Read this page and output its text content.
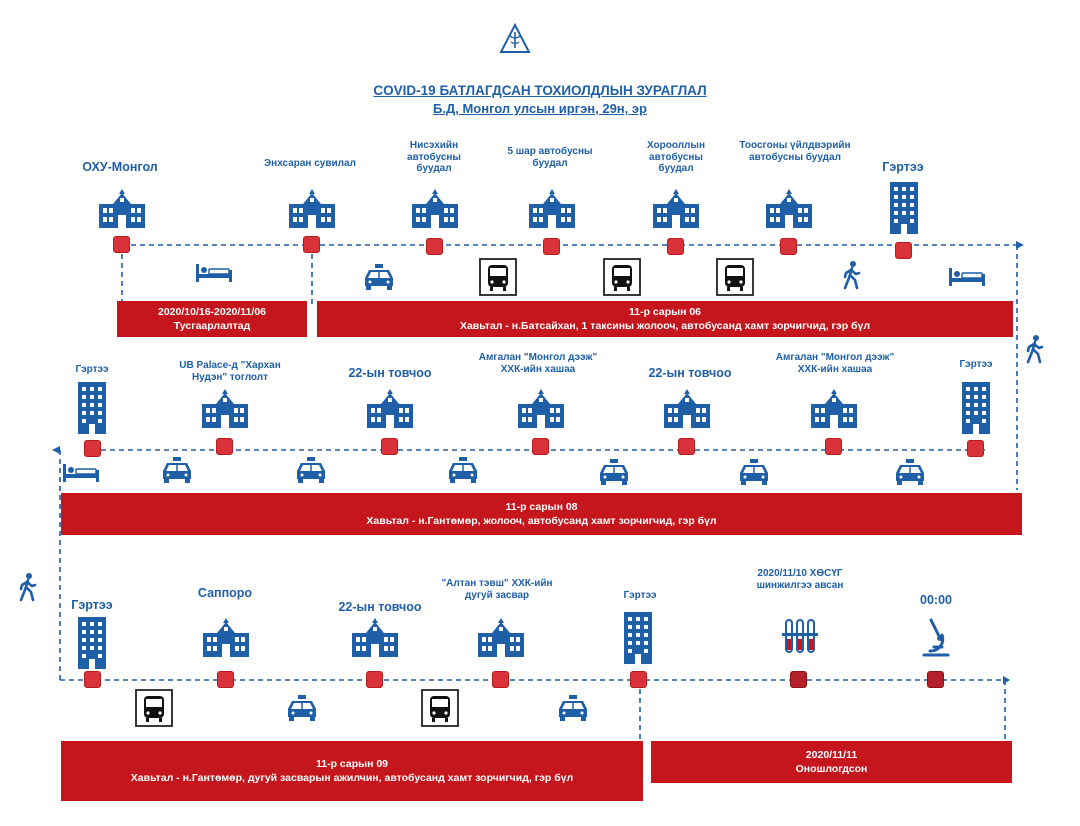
COVID-19 БАТЛАГДСАН ТОХИОЛДЛЫН ЗУРАГЛАЛ
Б.Д, Монгол улсын иргэн, 29н, эр
ОХУ-Монгол	Энхсаран сувилал
Нисэхийн автобусны буудал
5 шар автобусны буудал
Хорооллын автобусны буудал
Тоосгоны үйлдвэрийн автобусны буудал
Гэртээ
2020/10/16-2020/11/06
Тусгаарлалтад
11-р сарын 06
Хавьтал - н.Батсайхан, 1 таксины жолооч, автобусанд хамт зорчигчид, гэр бүл
Гэртээ	UB Palace-д "Хархан Нудэн" тоглолт	22-ын товчоо
Амгалан "Монгол дээж" ХХК-ийн хашаа	22-ын товчоо
Амгалан "Монгол дээж" ХХК-ийн хашаа	Гэртээ
11-р сарын 08
Хавьтал - н.Гантөмөр, жолооч, автобусанд хамт зорчигчид, гэр бүл
Гэртээ
Саппоро
22-ын товчоо
"Алтан тэвш" ХХК-ийн дугуй засвар	Гэртээ
2020/11/10 ХӨСҮГ шинжилгээ авсан
00:00
11-р сарын 09
Хавьтал - н.Гантөмөр, дугуй засварын ажилчин, автобусанд хамт зорчигчид, гэр бүл
2020/11/11
Оношлогдсон
